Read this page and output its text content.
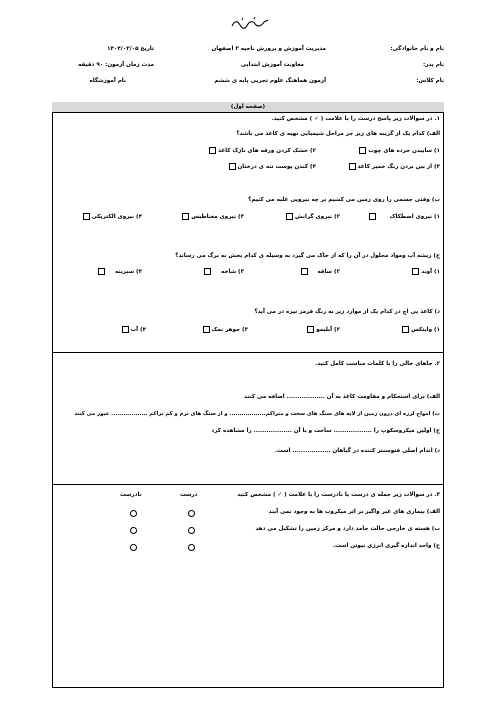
نام و نام خانوادگی:
نام پدر:
نام کلاس:
مدیریت آموزش و پرورش ناحیه ۳ اصفهان
معاونت آموزش ابتدایی
آزمون هماهنگ علوم تجربی پایه ی ششم
تاریخ ۱۴۰۴/۰۳/۰۵
مدت زمان آزمون: ۹۰ دقیقه
نام آموزشگاه
(صفحه اول)
۱. در سوالات زیر پاسخ درست را با علامت ( ✓ ) مشخص کنید.
الف) کدام یک از گزینه های زیر جز مراحل شیمیایی تهیه ی کاغذ می باشد؟
۱) ساییدن خرده های چوب
۲) خشک کردن ورقه های نازک کاغذ
۳) از بین بردن رنگ خمیر کاغذ
۴) کندن پوست تنه ی درختان
ب) وقتی جسمی را روی زمین می کشیم بر چه نیرویی غلبه می کنیم؟
۱) نیروی اصطکاک
۲) نیروی گرانش
۳) نیروی مغناطیس
۴) نیروی الکتریکی
ج) ریشه آب ومواد محلول در آن را که از خاک می گیرد به وسیله ی کدام بخش به برگ می رساند؟
۱) آوند
۲) ساقه
۳) شاخه
۴) سبزینه
د) کاغذ پی اچ در کدام یک از موارد زیر به رنگ قرمز تیره در می آید؟
۱) وایتکس
۲) آبلیمو
۳) جوهر نمک
۴) آب
۲. جاهای خالی را با کلمات مناسب کامل کنید.
الف) برای استحکام و مقاومت کاغذ به آن .................. اضافه می کنند
ب) امواج لرزه ای درون زمین از لایه های سنگ های سخت و متراکم.................. و از سنگ های نرم و کم تراکم .................. عبور می کنند
ج) اولین میکروسکوپ را .................. ساخت و با آن .................. را مشاهده کرد
د) اندام اصلی فتوسنتز کننده در گیاهان .................. است.
۳. در سوالات زیر جمله ی درست یا نادرست را با علامت ( ✓ ) مشخص کنید
درست
نادرست
الف) بیماری های غیر واگیر بر اثر میکروب ها به وجود نمی آیند
ب) هسته ی خارجی حالت جامد دارد و مرکز زمین را تشکیل می دهد
ج) واحد اندازه گیری انرژی نیوتن است.
